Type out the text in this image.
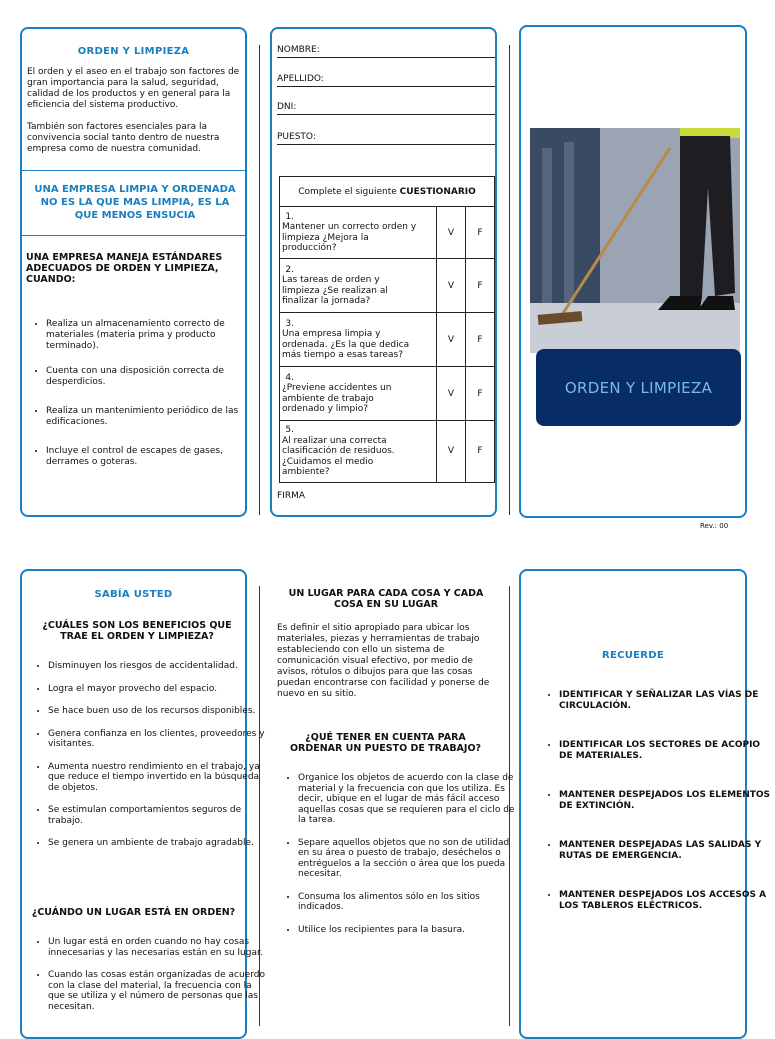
ORDEN Y LIMPIEZA

El orden y el aseo en el trabajo son factores de gran importancia para la salud, seguridad, calidad de los productos y en general para la eficiencia del sistema productivo.

También son factores esenciales para la convivencia social tanto dentro de nuestra empresa como de nuestra comunidad.

UNA EMPRESA LIMPIA Y ORDENADA NO ES LA QUE MAS LIMPIA, ES LA QUE MENOS ENSUCIA
UNA EMPRESA MANEJA ESTÁNDARES ADECUADOS DE ORDEN Y LIMPIEZA, CUANDO:
• Realiza un almacenamiento correcto de materiales (materia prima y producto terminado).
• Cuenta con una disposición correcta de desperdicios.
• Realiza un mantenimiento periódico de las edificaciones.
• Incluye el control de escapes de gases, derrames o goteras.
NOMBRE:
APELLIDO:
DNI:
PUESTO:
Complete el siguiente CUESTIONARIO		
1.Mantener un correcto orden y limpieza ¿Mejora la producción?	V	F
2.Las tareas de orden y limpieza ¿Se realizan al finalizar la jornada?	V	F
3.Una empresa limpia y ordenada. ¿Es la que dedica más tiempo a esas tareas?	V	F
4.¿Previene accidentes un ambiente de trabajo ordenado y limpio?	V	F
5.Al realizar una correcta clasificación de residuos. ¿Cuidamos el medio ambiente?	V	F
FIRMA
ORDEN Y LIMPIEZA
Rev.: 00
SABÍA USTED
¿CUÁLES SON LOS BENEFICIOS QUE TRAE EL ORDEN Y LIMPIEZA?
• Disminuyen los riesgos de accidentalidad.
• Logra el mayor provecho del espacio.
• Se hace buen uso de los recursos disponibles.
• Genera confianza en los clientes, proveedores y visitantes.
• Aumenta nuestro rendimiento en el trabajo, ya que reduce el tiempo invertido en la búsqueda de objetos.
• Se estimulan comportamientos seguros de trabajo.
• Se genera un ambiente de trabajo agradable.
¿CUÁNDO UN LUGAR ESTÁ EN ORDEN?
• Un lugar está en orden cuando no hay cosas innecesarias y las necesarias están en su lugar.
• Cuando las cosas están organizadas de acuerdo con la clase del material, la frecuencia con la que se utiliza y el número de personas que las necesitan.
UN LUGAR PARA CADA COSA Y CADA COSA EN SU LUGAR

Es definir el sitio apropiado para ubicar los materiales, piezas y herramientas de trabajo estableciendo con ello un sistema de comunicación visual efectivo, por medio de avisos, rótulos o dibujos para que las cosas puedan encontrarse con facilidad y ponerse de nuevo en su sitio.

¿QUÉ TENER EN CUENTA PARA ORDENAR UN PUESTO DE TRABAJO?
• Organice los objetos de acuerdo con la clase de material y la frecuencia con que los utiliza. Es decir, ubique en el lugar de más fácil acceso aquellas cosas que se requieren para el ciclo de la tarea.
• Separe aquellos objetos que no son de utilidad en su área o puesto de trabajo, deséchelos o entréguelos a la sección o área que los pueda necesitar.
• Consuma los alimentos sólo en los sitios indicados.
• Utilice los recipientes para la basura.
RECUERDE
• IDENTIFICAR Y SEÑALIZAR LAS VÍAS DE CIRCULACIÓN.
• IDENTIFICAR LOS SECTORES DE ACOPIO DE MATERIALES.
• MANTENER DESPEJADOS LOS ELEMENTOS DE EXTINCIÓN.
• MANTENER DESPEJADAS LAS SALIDAS Y RUTAS DE EMERGENCIA.
• MANTENER DESPEJADOS LOS ACCESOS A LOS TABLEROS ELÉCTRICOS.
